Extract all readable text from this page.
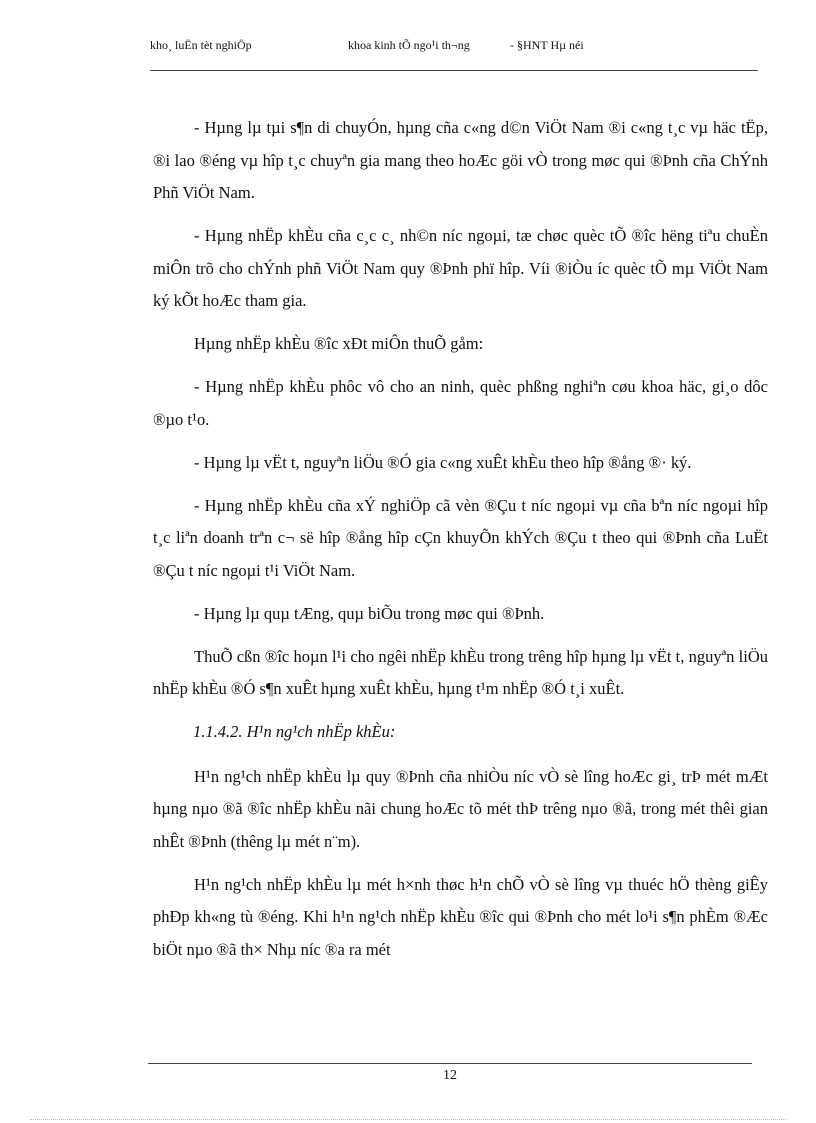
kho¸ luËn tèt nghiÖp	khoa kinh tÕ ngo¹i th¬ng	- §HNT Hµ néi

- Hµng lµ tµi s¶n di chuyÓn, hµng cña c«ng d©n ViÖt Nam ®i c«ng t¸c vµ häc tËp, ®i lao ®éng vµ hîp t¸c chuyªn gia mang theo hoÆc göi vÒ trong møc qui ®Þnh cña ChÝnh Phñ ViÖt Nam.

- Hµng nhËp khÈu cña c¸c c¸ nh©n níc ngoµi, tæ chøc quèc tÕ ®îc hëng tiªu chuÈn miÔn trõ cho chÝnh phñ ViÖt Nam quy ®Þnh phï hîp. Víi ®iÒu íc quèc tÕ mµ ViÖt Nam ký kÕt hoÆc tham gia.

Hµng nhËp khÈu ®îc xÐt miÔn thuÕ gåm:

- Hµng nhËp khÈu phôc vô cho an ninh, quèc phßng nghiªn cøu khoa häc, gi¸o dôc ®µo t¹o.

- Hµng lµ vËt t, nguyªn liÖu ®Ó gia c«ng xuÊt khÈu theo hîp ®ång ®· ký.

- Hµng nhËp khÈu cña xÝ nghiÖp cã vèn ®Çu t níc ngoµi vµ cña bªn níc ngoµi hîp t¸c liªn doanh trªn c¬ së hîp ®ång hîp cÇn khuyÕn khÝch ®Çu t theo qui ®Þnh cña LuËt ®Çu t níc ngoµi t¹i ViÖt Nam.

- Hµng lµ quµ tÆng, quµ biÕu trong møc qui ®Þnh.

ThuÕ cßn ®îc hoµn l¹i cho ngêi nhËp khÈu trong trêng hîp hµng lµ vËt t, nguyªn liÖu nhËp khÈu ®Ó s¶n xuÊt hµng xuÊt khÈu, hµng t¹m nhËp ®Ó t¸i xuÊt.

1.1.4.2. H¹n ng¹ch nhËp khÈu:

H¹n ng¹ch nhËp khÈu lµ quy ®Þnh cña nhiÒu níc vÒ sè lîng hoÆc gi¸ trÞ mét mÆt hµng nµo ®ã ®îc nhËp khÈu nãi chung hoÆc tõ mét thÞ trêng nµo ®ã, trong mét thêi gian nhÊt ®Þnh (thêng lµ mét n¨m).

H¹n ng¹ch nhËp khÈu lµ mét h×nh thøc h¹n chÕ vÒ sè lîng vµ thuéc hÖ thèng giÊy phÐp kh«ng tù ®éng. Khi h¹n ng¹ch nhËp khÈu ®îc qui ®Þnh cho mét lo¹i s¶n phÈm ®Æc biÖt nµo ®ã th× Nhµ níc ®a ra mét

12
